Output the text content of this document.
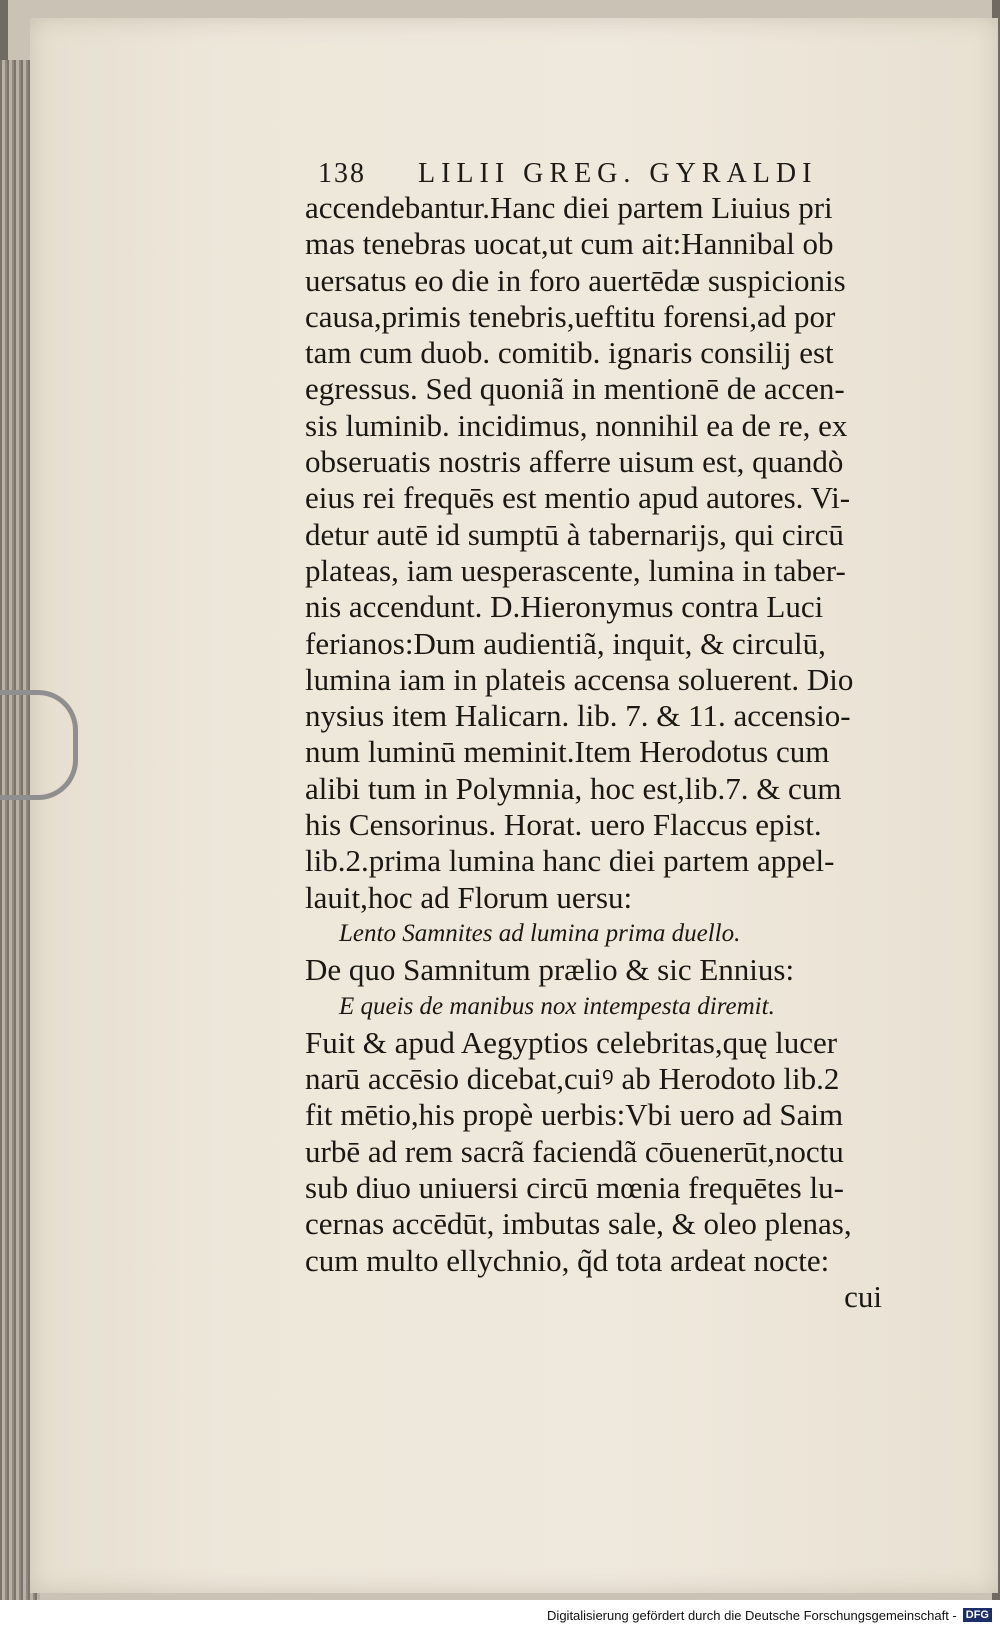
138	LILII GREG. GYRALDI
accendebantur.Hanc diei partem Liuius pri
mas tenebras uocat,ut cum ait:Hannibal ob
uersatus eo die in foro auertēdæ suspicionis
causa,primis tenebris,ueftitu forensi,ad por
tam cum duob. comitib. ignaris consilij est
egressus. Sed quoniã in mentionē de accen-
sis luminib. incidimus, nonnihil ea de re, ex
obseruatis nostris afferre uisum est, quandò
eius rei frequēs est mentio apud autores. Vi-
detur autē id sumptū à tabernarijs, qui circū
plateas, iam uesperascente, lumina in taber-
nis accendunt. D.Hieronymus contra Luci
ferianos:Dum audientiã, inquit, & circulū,
lumina iam in plateis accensa soluerent. Dio
nysius item Halicarn. lib. 7. & 11. accensio-
num luminū meminit.Item Herodotus cum
alibi tum in Polymnia, hoc est,lib.7. & cum
his Censorinus. Horat. uero Flaccus epist.
lib.2.prima lumina hanc diei partem appel-
lauit,hoc ad Florum uersu:
Lento Samnites ad lumina prima duello.
De quo Samnitum prælio & sic Ennius:
E queis de manibus nox intempesta diremit.
Fuit & apud Aegyptios celebritas,quę lucer
narū accēsio dicebat,cuiꝰ ab Herodoto lib.2
fit mētio,his propè uerbis:Vbi uero ad Saim
urbē ad rem sacrã faciendã cōuenerūt,noctu
sub diuo uniuersi circū mœnia frequētes lu-
cernas accēdūt, imbutas sale, & oleo plenas,
cum multo ellychnio, q̃d tota ardeat nocte:
cui
Digitalisierung gefördert durch die Deutsche Forschungsgemeinschaft - DFG
